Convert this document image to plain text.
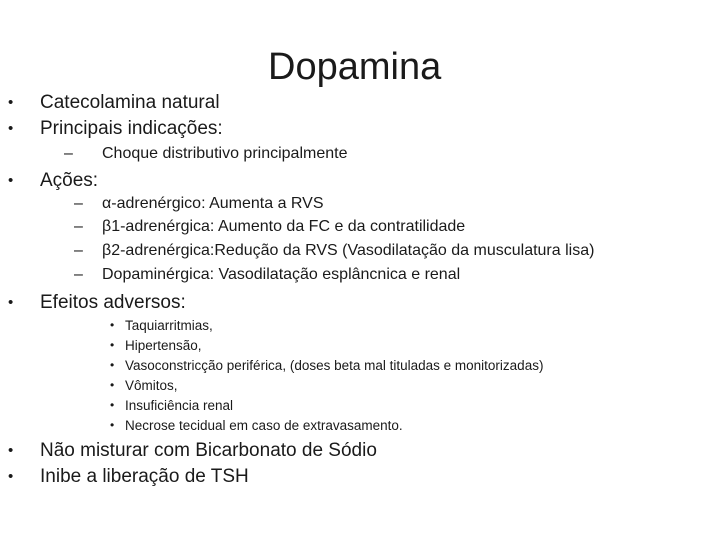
Dopamina
• Catecolamina natural
• Principais indicações:
– Choque distributivo principalmente
• Ações:
– α-adrenérgico: Aumenta a RVS
– β1-adrenérgica: Aumento da FC e da contratilidade
– β2-adrenérgica:Redução da RVS (Vasodilatação da musculatura lisa)
– Dopaminérgica: Vasodilatação esplâncnica e renal
• Efeitos adversos:
• Taquiarritmias,
• Hipertensão,
• Vasoconstricção periférica, (doses beta mal tituladas e monitorizadas)
• Vômitos,
• Insuficiência renal
• Necrose tecidual em caso de extravasamento.
• Não misturar com Bicarbonato de Sódio
• Inibe a liberação de TSH
